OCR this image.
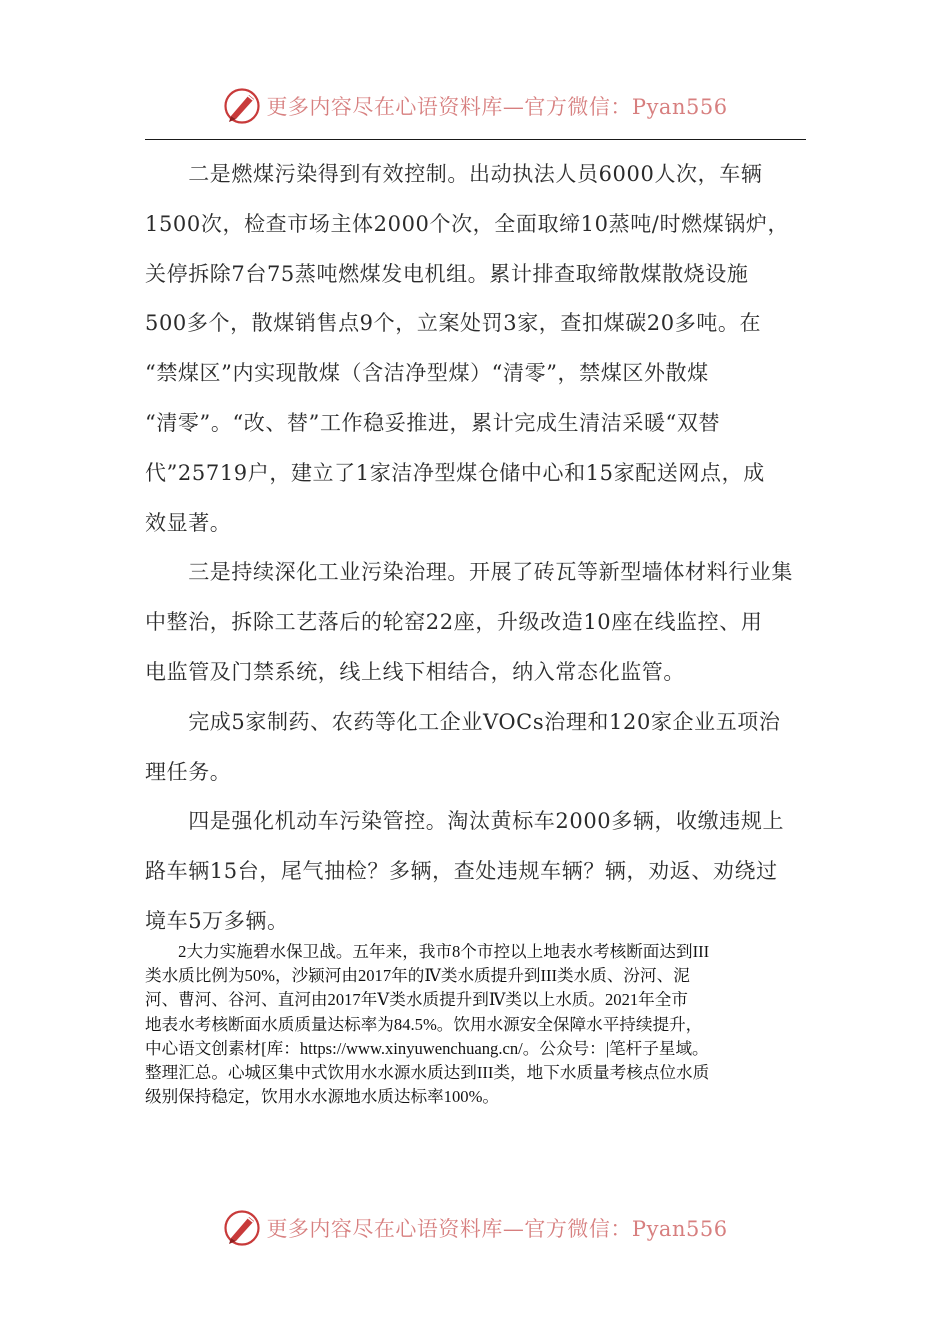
更多内容尽在心语资料库—官方微信：Pyan556
　　二是燃煤污染得到有效控制。出动执法人员6000人次，车辆
1500次，检查市场主体2000个次，全面取缔10蒸吨/时燃煤锅炉，
关停拆除7台75蒸吨燃煤发电机组。累计排查取缔散煤散烧设施
500多个，散煤销售点9个，立案处罚3家，查扣煤碳20多吨。在
“禁煤区”内实现散煤（含洁净型煤）“清零”，禁煤区外散煤
“清零”。“改、替”工作稳妥推进，累计完成生清洁采暖“双替
代”25719户，建立了1家洁净型煤仓储中心和15家配送网点，成
效显著。
　　三是持续深化工业污染治理。开展了砖瓦等新型墙体材料行业集
中整治，拆除工艺落后的轮窑22座，升级改造10座在线监控、用
电监管及门禁系统，线上线下相结合，纳入常态化监管。
　　完成5家制药、农药等化工企业VOCs治理和120家企业五项治
理任务。
　　四是强化机动车污染管控。淘汰黄标车2000多辆，收缴违规上
路车辆15台，尾气抽检？多辆，查处违规车辆？辆，劝返、劝绕过
境车5万多辆。
　　2大力实施碧水保卫战。五年来，我市8个市控以上地表水考核断面达到III
类水质比例为50%，沙颍河由2017年的Ⅳ类水质提升到III类水质、汾河、泥
河、曹河、谷河、直河由2017年Ⅴ类水质提升到Ⅳ类以上水质。2021年全市
地表水考核断面水质质量达标率为84.5%。饮用水源安全保障水平持续提升，
中心语文创素材[库：https://www.xinyuwenchuang.cn/。公众号：|笔杆子星域。
整理汇总。心城区集中式饮用水水源水质达到III类，地下水质量考核点位水质
级别保持稳定，饮用水水源地水质达标率100%。
更多内容尽在心语资料库—官方微信：Pyan556
